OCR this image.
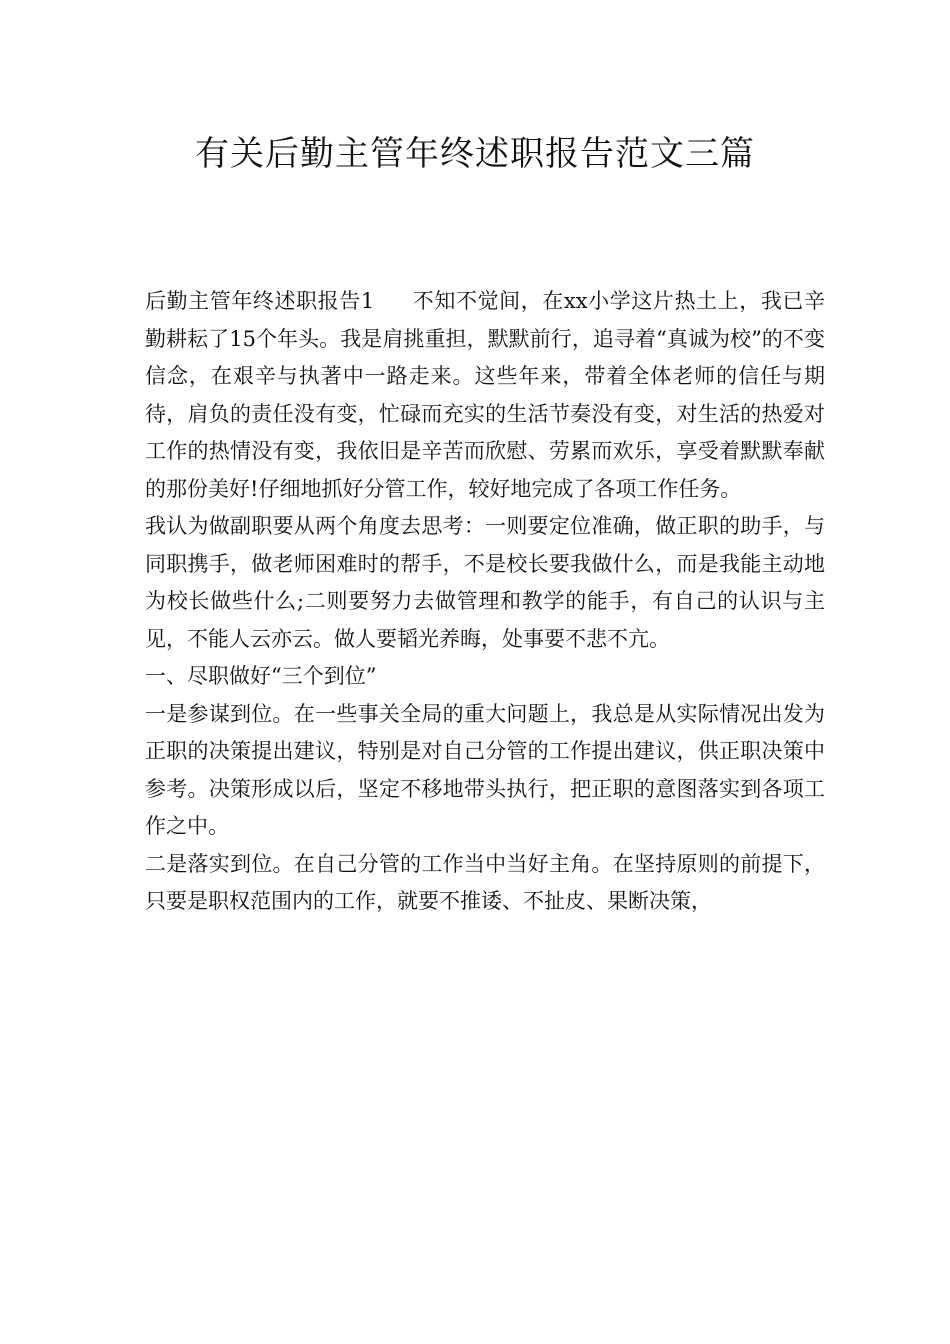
有关后勤主管年终述职报告范文三篇

后勤主管年终述职报告1 不知不觉间，在xx小学这片热土上，我已辛勤耕耘了15个年头。我是肩挑重担，默默前行，追寻着“真诚为校”的不变信念，在艰辛与执著中一路走来。这些年来，带着全体老师的信任与期待，肩负的责任没有变，忙碌而充实的生活节奏没有变，对生活的热爱对工作的热情没有变，我依旧是辛苦而欣慰、劳累而欢乐，享受着默默奉献的那份美好!仔细地抓好分管工作，较好地完成了各项工作任务。

我认为做副职要从两个角度去思考：一则要定位准确，做正职的助手，与同职携手，做老师困难时的帮手，不是校长要我做什么，而是我能主动地为校长做些什么;二则要努力去做管理和教学的能手，有自己的认识与主见，不能人云亦云。做人要韬光养晦，处事要不悲不亢。

一、尽职做好“三个到位”

一是参谋到位。在一些事关全局的重大问题上，我总是从实际情况出发为正职的决策提出建议，特别是对自己分管的工作提出建议，供正职决策中参考。决策形成以后，坚定不移地带头执行，把正职的意图落实到各项工作之中。

二是落实到位。在自己分管的工作当中当好主角。在坚持原则的前提下，只要是职权范围内的工作，就要不推诿、不扯皮、果断决策，
